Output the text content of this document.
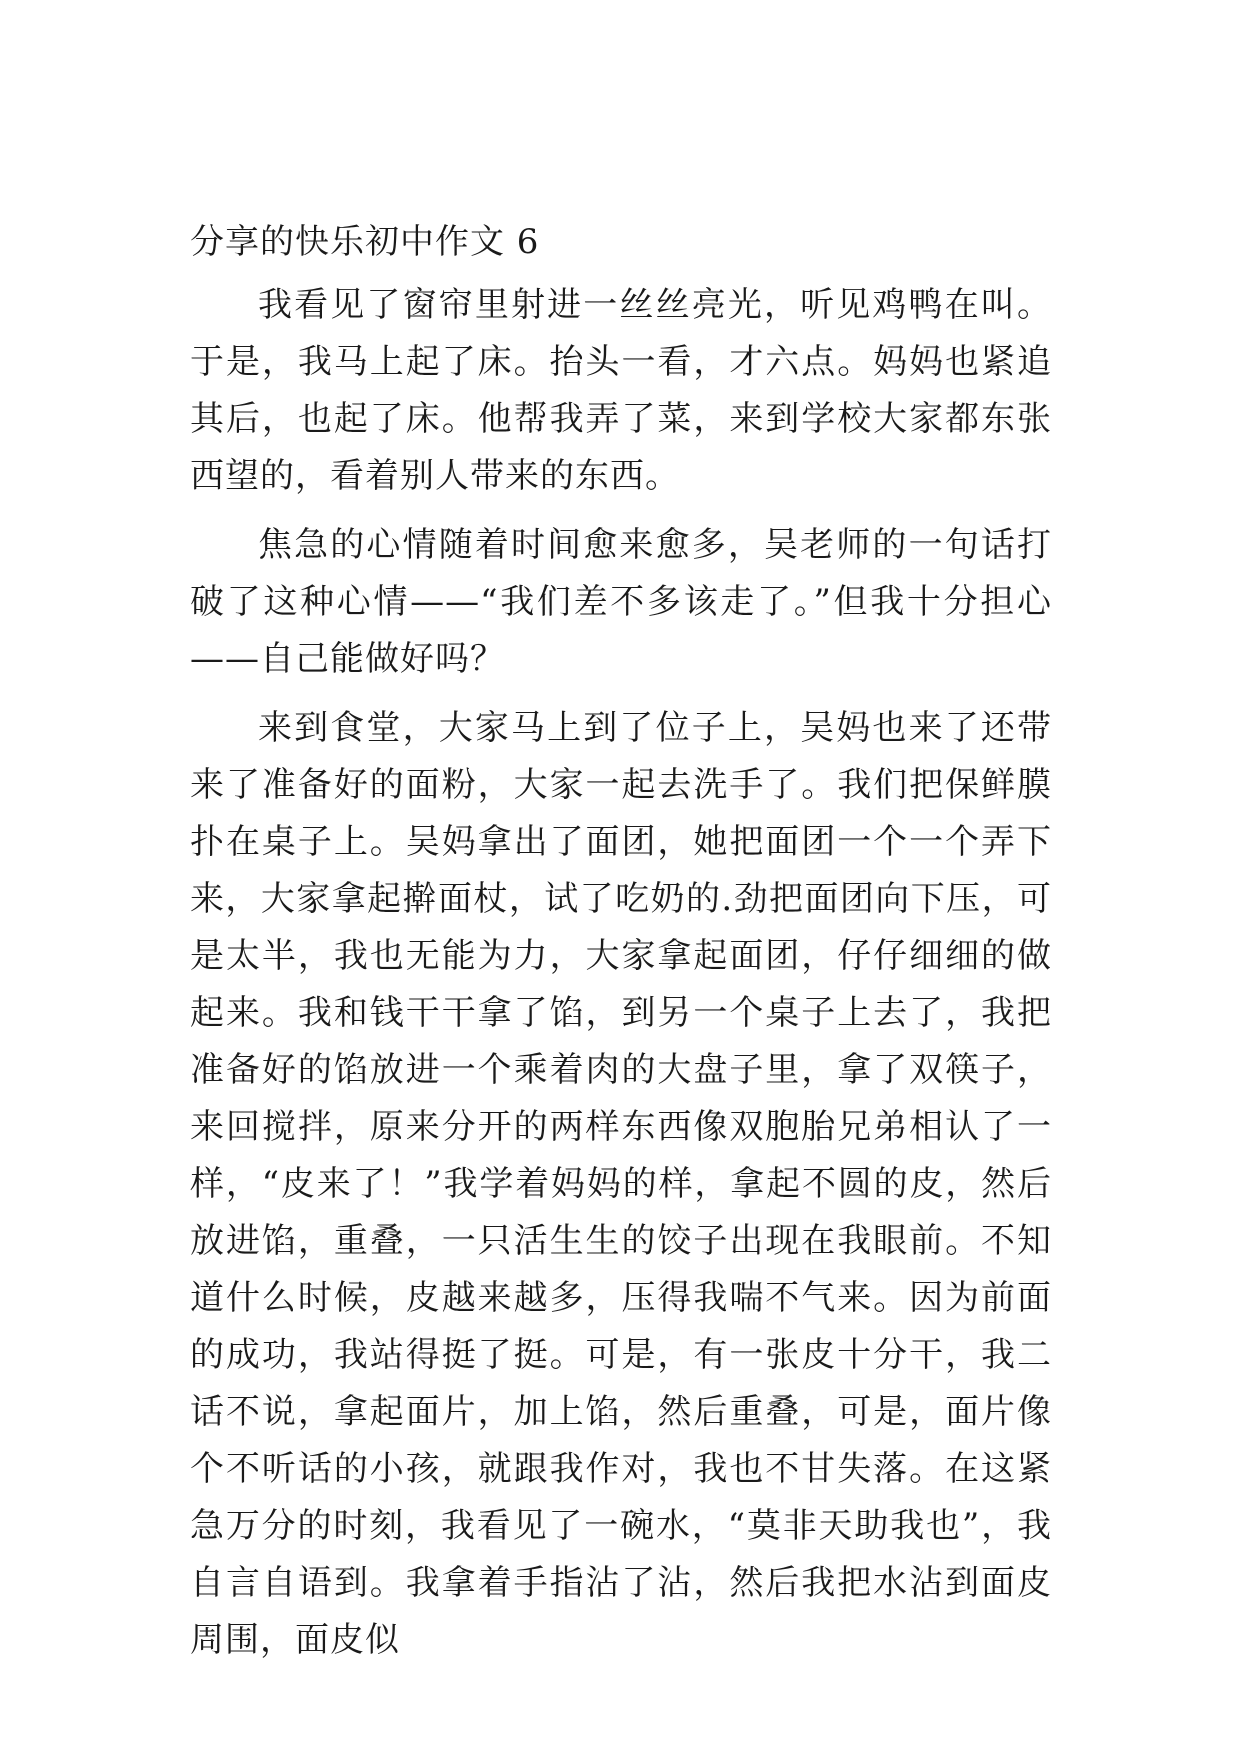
分享的快乐初中作文 6

我看见了窗帘里射进一丝丝亮光，听见鸡鸭在叫。于是，我马上起了床。抬头一看，才六点。妈妈也紧追其后，也起了床。他帮我弄了菜，来到学校大家都东张西望的，看着别人带来的东西。

焦急的心情随着时间愈来愈多，吴老师的一句话打破了这种心情——“我们差不多该走了。”但我十分担心——自己能做好吗？

来到食堂，大家马上到了位子上，吴妈也来了还带来了准备好的面粉，大家一起去洗手了。我们把保鲜膜扑在桌子上。吴妈拿出了面团，她把面团一个一个弄下来，大家拿起擀面杖，试了吃奶的.劲把面团向下压，可是太半，我也无能为力，大家拿起面团，仔仔细细的做起来。我和钱干干拿了馅，到另一个桌子上去了，我把准备好的馅放进一个乘着肉的大盘子里，拿了双筷子，来回搅拌，原来分开的两样东西像双胞胎兄弟相认了一样，“皮来了！”我学着妈妈的样，拿起不圆的皮，然后放进馅，重叠，一只活生生的饺子出现在我眼前。不知道什么时候，皮越来越多，压得我喘不气来。因为前面的成功，我站得挺了挺。可是，有一张皮十分干，我二话不说，拿起面片，加上馅，然后重叠，可是，面片像个不听话的小孩，就跟我作对，我也不甘失落。在这紧急万分的时刻，我看见了一碗水，“莫非天助我也”，我自言自语到。我拿着手指沾了沾，然后我把水沾到面皮周围，面皮似
